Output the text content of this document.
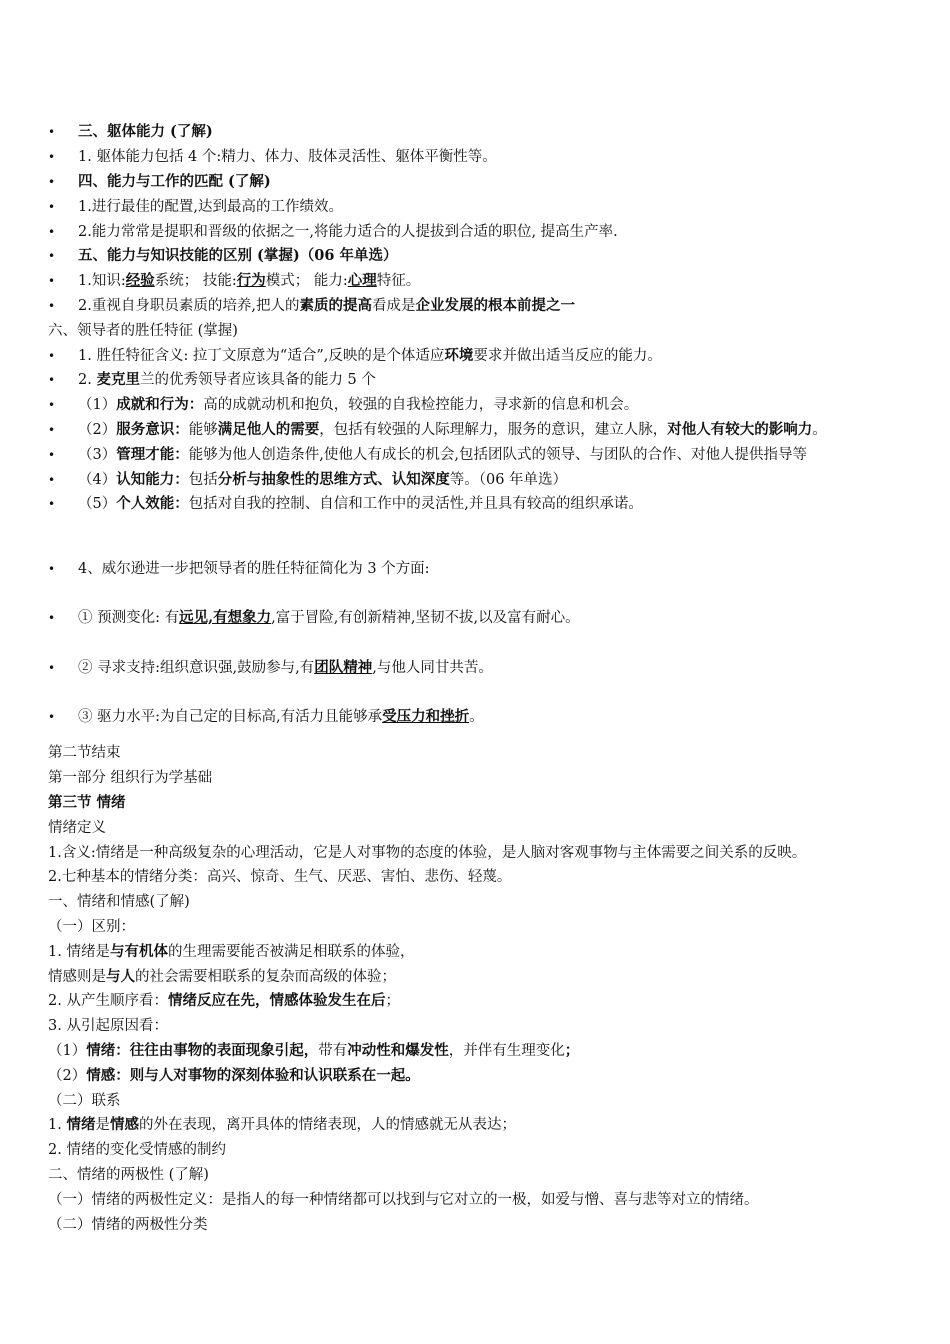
• 三、躯体能力 (了解)
• 1. 躯体能力包括 4 个:精力、体力、肢体灵活性、躯体平衡性等。
• 四、能力与工作的匹配 (了解)
• 1.进行最佳的配置,达到最高的工作绩效。
• 2.能力常常是提职和晋级的依据之一,将能力适合的人提拔到合适的职位, 提高生产率.
• 五、能力与知识技能的区别 (掌握)（06 年单选）
• 1.知识:经验系统； 技能:行为模式； 能力:心理特征。
• 2.重视自身职员素质的培养,把人的素质的提高看成是企业发展的根本前提之一
六、领导者的胜任特征 (掌握)
• 1. 胜任特征含义: 拉丁文原意为“适合”,反映的是个体适应环境要求并做出适当反应的能力。
• 2. 麦克里兰的优秀领导者应该具备的能力 5 个
• （1）成就和行为：高的成就动机和抱负，较强的自我检控能力，寻求新的信息和机会。
• （2）服务意识：能够满足他人的需要，包括有较强的人际理解力，服务的意识，建立人脉，对他人有较大的影响力。
• （3）管理才能：能够为他人创造条件,使他人有成长的机会,包括团队式的领导、与团队的合作、对他人提供指导等
• （4）认知能力：包括分析与抽象性的思维方式、认知深度等。（06 年单选）
• （5）个人效能：包括对自我的控制、自信和工作中的灵活性,并且具有较高的组织承诺。
• 4、威尔逊进一步把领导者的胜任特征简化为 3 个方面:
• ① 预测变化: 有远见,有想象力,富于冒险,有创新精神,坚韧不拔,以及富有耐心。
• ② 寻求支持:组织意识强,鼓励参与,有团队精神,与他人同甘共苦。
• ③ 驱力水平:为自己定的目标高,有活力且能够承受压力和挫折。
第二节结束
第一部分 组织行为学基础
第三节 情绪
情绪定义
1.含义:情绪是一种高级复杂的心理活动，它是人对事物的态度的体验，是人脑对客观事物与主体需要之间关系的反映。
2.七种基本的情绪分类：高兴、惊奇、生气、厌恶、害怕、悲伤、轻蔑。
一、情绪和情感(了解)
（一）区别：
1. 情绪是与有机体的生理需要能否被满足相联系的体验，
情感则是与人的社会需要相联系的复杂而高级的体验；
2. 从产生顺序看：情绪反应在先，情感体验发生在后；
3. 从引起原因看：
（1）情绪：往往由事物的表面现象引起，带有冲动性和爆发性，并伴有生理变化；
（2）情感：则与人对事物的深刻体验和认识联系在一起。
（二）联系
1. 情绪是情感的外在表现，离开具体的情绪表现，人的情感就无从表达；
2. 情绪的变化受情感的制约
二、情绪的两极性 (了解)
（一）情绪的两极性定义：是指人的每一种情绪都可以找到与它对立的一极，如爱与憎、喜与悲等对立的情绪。
（二）情绪的两极性分类
